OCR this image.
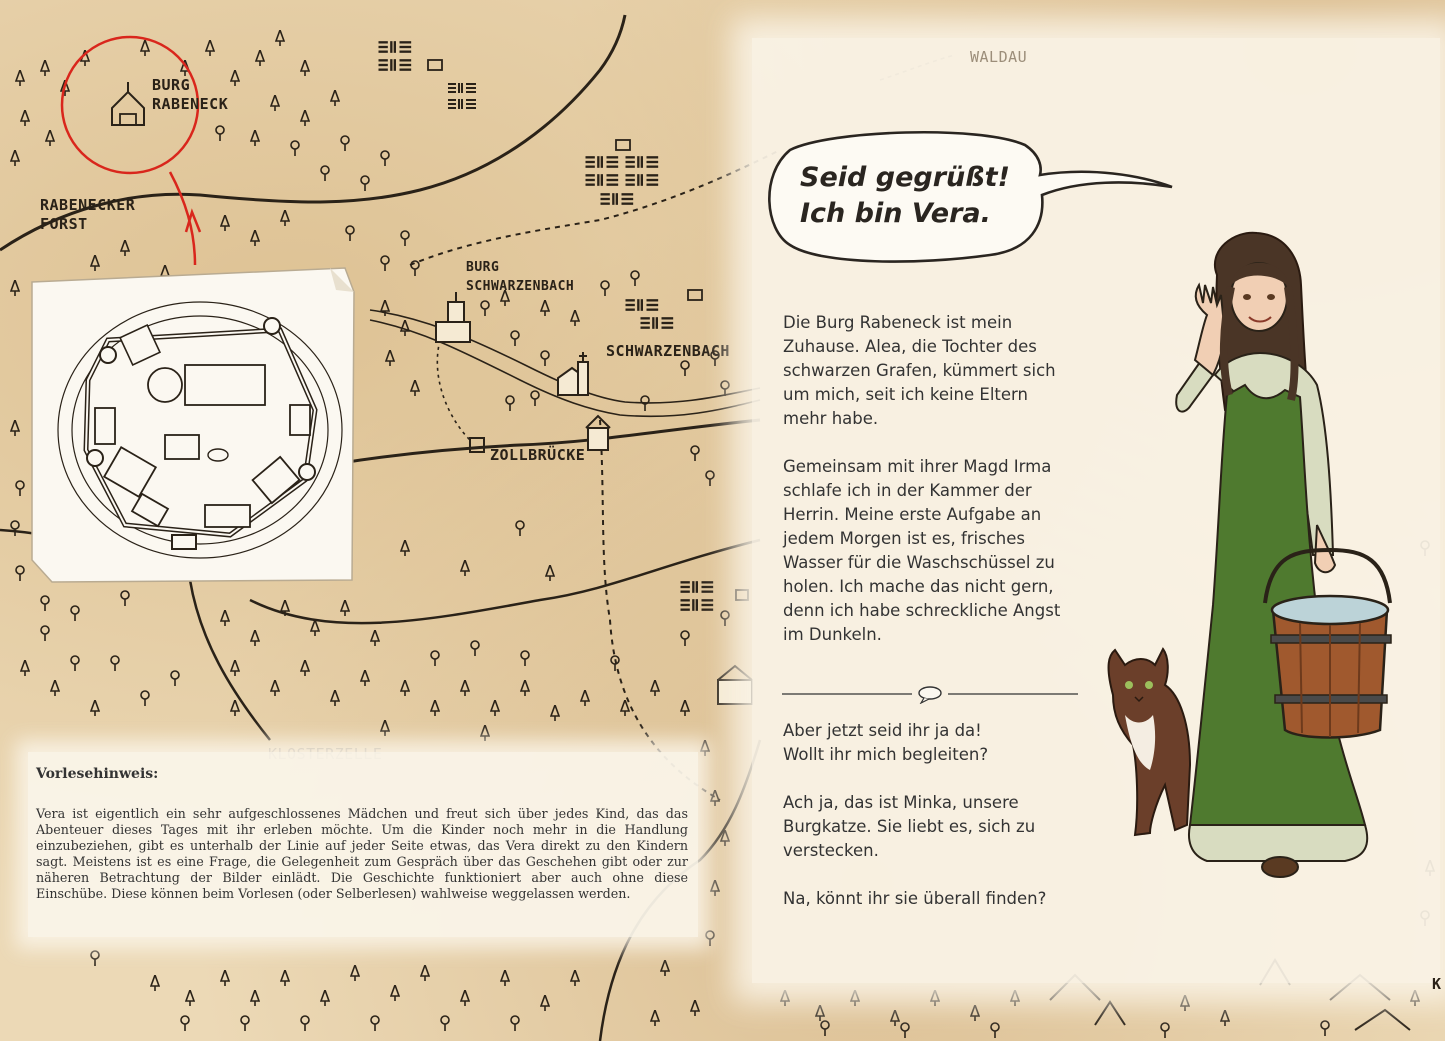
BURG
RABENECK
RABENECKER
FORST
BURG
SCHWARZENBACH
SCHWARZENBACH
ZOLLBRÜCKE
Vorlesehinweis:
Vera ist eigentlich ein sehr aufgeschlossenes Mädchen und freut sich über jedes Kind, das das Abenteuer dieses Tages mit ihr erleben möchte. Um die Kinder noch mehr in die Handlung einzubeziehen, gibt es unterhalb der Linie auf jeder Seite etwas, das Vera direkt zu den Kindern sagt. Meistens ist es eine Frage, die Gelegenheit zum Gespräch über das Geschehen gibt oder zur näheren Betrachtung der Bilder einlädt. Die Geschichte funktioniert aber auch ohne diese Einschübe. Diese können beim Vorlesen (oder Selberlesen) wahlweise weggelassen werden.
WALDAU
K
Seid gegrüßt!
Ich bin Vera.
Die Burg Rabeneck ist mein
Zuhause. Alea, die Tochter des
schwarzen Grafen, kümmert sich
um mich, seit ich keine Eltern
mehr habe.
Gemeinsam mit ihrer Magd Irma
schlafe ich in der Kammer der
Herrin. Meine erste Aufgabe an
jedem Morgen ist es, frisches
Wasser für die Waschschüssel zu
holen. Ich mache das nicht gern,
denn ich habe schreckliche Angst
im Dunkeln.
Aber jetzt seid ihr ja da!
Wollt ihr mich begleiten?
Ach ja, das ist Minka, unsere
Burgkatze. Sie liebt es, sich zu
verstecken.
Na, könnt ihr sie überall finden?
